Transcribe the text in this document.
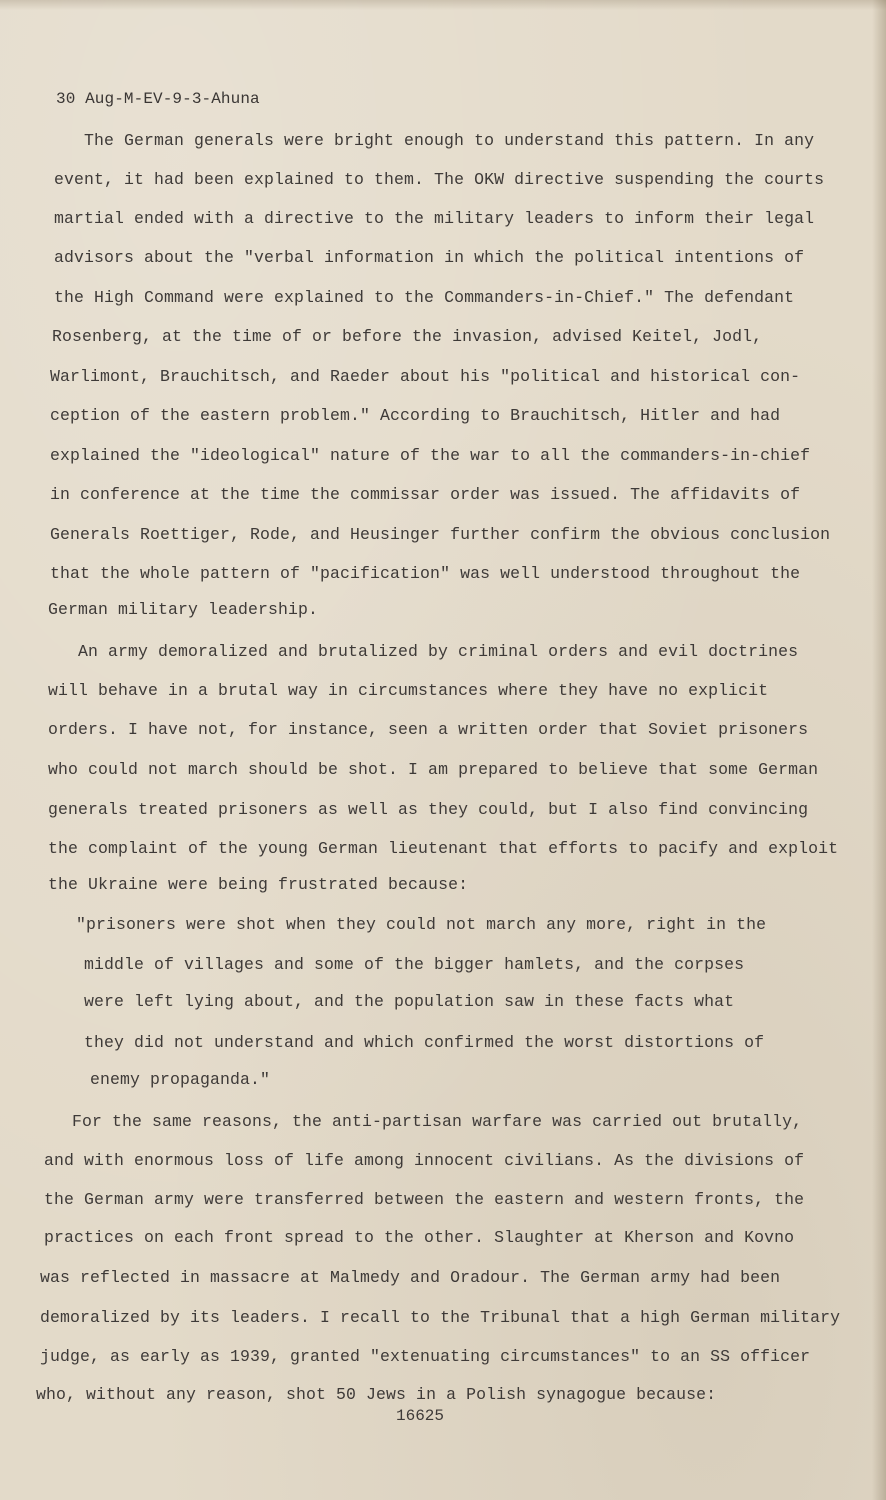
30 Aug-M-EV-9-3-Ahuna

The German generals were bright enough to understand this pattern. In any

event, it had been explained to them. The OKW directive suspending the courts

martial ended with a directive to the military leaders to inform their legal

advisors about the "verbal information in which the political intentions of

the High Command were explained to the Commanders-in-Chief." The defendant

Rosenberg, at the time of or before the invasion, advised Keitel, Jodl,

Warlimont, Brauchitsch, and Raeder about his "political and historical con-

ception of the eastern problem." According to Brauchitsch, Hitler and had

explained the "ideological" nature of the war to all the commanders-in-chief

in conference at the time the commissar order was issued. The affidavits of

Generals Roettiger, Rode, and Heusinger further confirm the obvious conclusion

that the whole pattern of "pacification" was well understood throughout the

German military leadership.

An army demoralized and brutalized by criminal orders and evil doctrines

will behave in a brutal way in circumstances where they have no explicit

orders. I have not, for instance, seen a written order that Soviet prisoners

who could not march should be shot. I am prepared to believe that some German

generals treated prisoners as well as they could, but I also find convincing

the complaint of the young German lieutenant that efforts to pacify and exploit

the Ukraine were being frustrated because:

"prisoners were shot when they could not march any more, right in the

middle of villages and some of the bigger hamlets, and the corpses

were left lying about, and the population saw in these facts what

they did not understand and which confirmed the worst distortions of

enemy propaganda."

For the same reasons, the anti-partisan warfare was carried out brutally,

and with enormous loss of life among innocent civilians. As the divisions of

the German army were transferred between the eastern and western fronts, the

practices on each front spread to the other. Slaughter at Kherson and Kovno

was reflected in massacre at Malmedy and Oradour. The German army had been

demoralized by its leaders. I recall to the Tribunal that a high German military

judge, as early as 1939, granted "extenuating circumstances" to an SS officer

who, without any reason, shot 50 Jews in a Polish synagogue because:

16625
